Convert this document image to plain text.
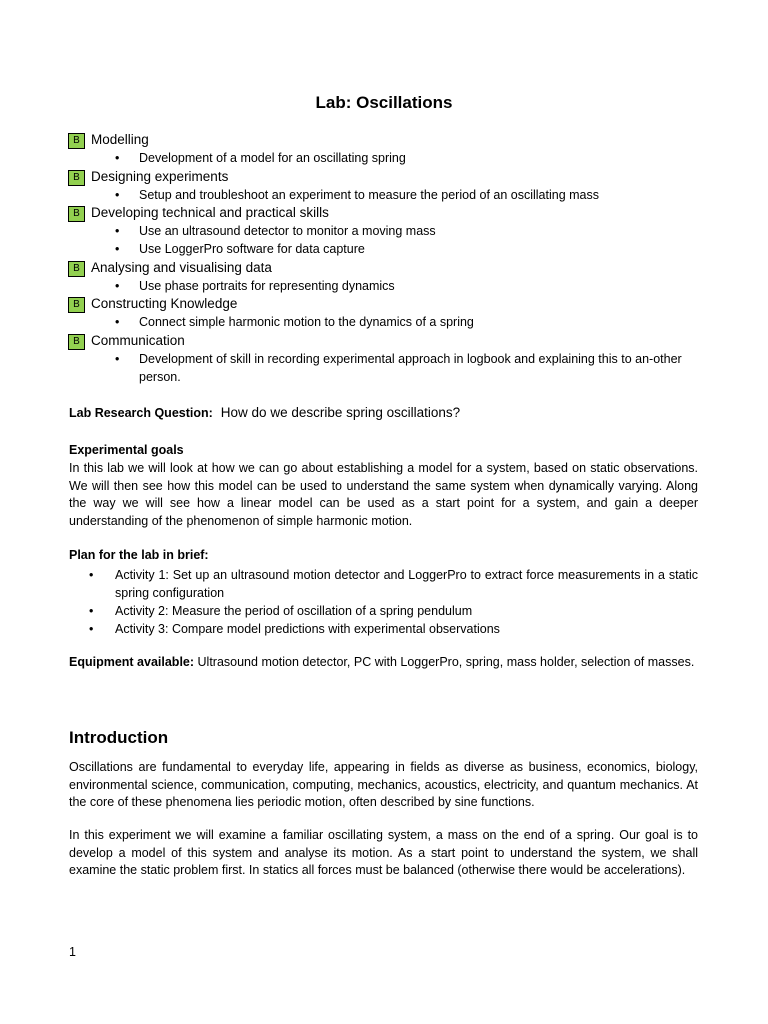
Lab: Oscillations
B Modelling
• Development of a model for an oscillating spring
B Designing experiments
• Setup and troubleshoot an experiment to measure the period of an oscillating mass
B Developing technical and practical skills
• Use an ultrasound detector to monitor a moving mass
• Use LoggerPro software for data capture
B Analysing and visualising data
• Use phase portraits for representing dynamics
B Constructing Knowledge
• Connect simple harmonic motion to the dynamics of a spring
B Communication
• Development of skill in recording experimental approach in logbook and explaining this to an-other person.
Lab Research Question: How do we describe spring oscillations?
Experimental goals
In this lab we will look at how we can go about establishing a model for a system, based on static observations. We will then see how this model can be used to understand the same system when dynamically varying. Along the way we will see how a linear model can be used as a start point for a system, and gain a deeper understanding of the phenomenon of simple harmonic motion.
Plan for the lab in brief:
• Activity 1: Set up an ultrasound motion detector and LoggerPro to extract force measurements in a static spring configuration
• Activity 2: Measure the period of oscillation of a spring pendulum
• Activity 3: Compare model predictions with experimental observations
Equipment available: Ultrasound motion detector, PC with LoggerPro, spring, mass holder, selection of masses.
Introduction
Oscillations are fundamental to everyday life, appearing in fields as diverse as business, economics, biology, environmental science, communication, computing, mechanics, acoustics, electricity, and quantum mechanics. At the core of these phenomena lies periodic motion, often described by sine functions.
In this experiment we will examine a familiar oscillating system, a mass on the end of a spring. Our goal is to develop a model of this system and analyse its motion. As a start point to understand the system, we shall examine the static problem first. In statics all forces must be balanced (otherwise there would be accelerations).
1
